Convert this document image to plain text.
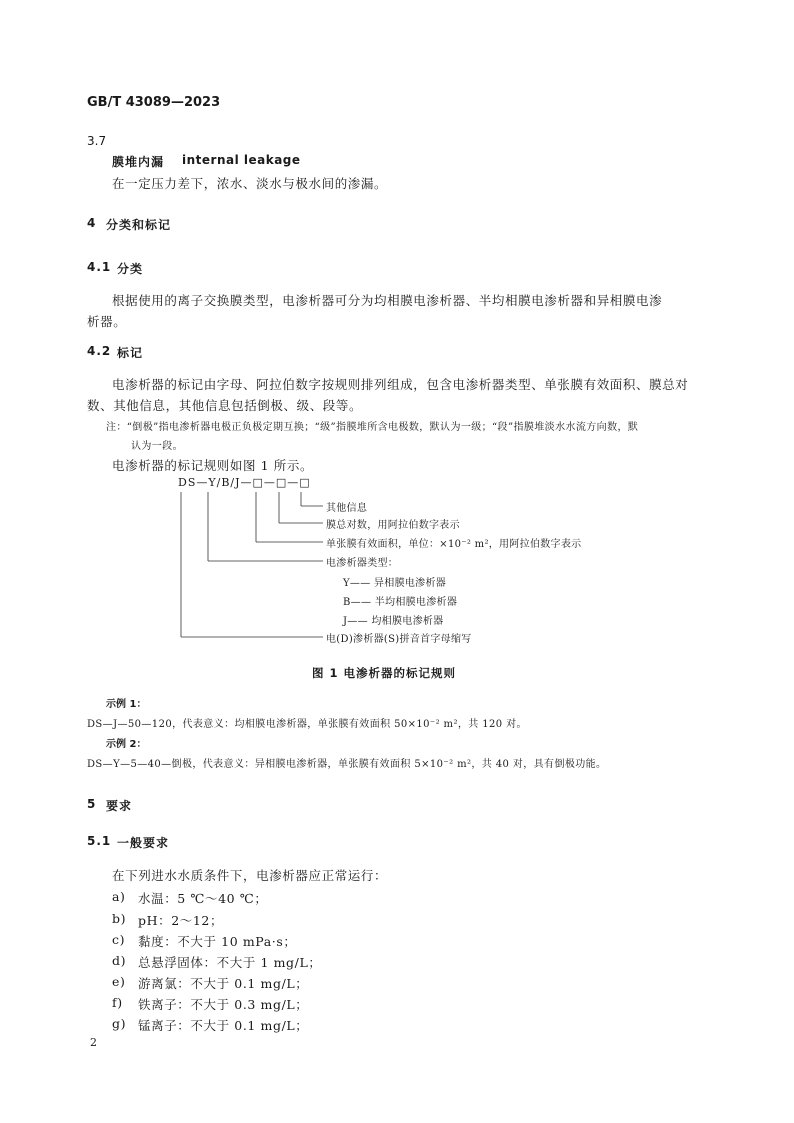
GB/T 43089—2023
3.7
膜堆内漏 internal leakage
在一定压力差下，浓水、淡水与极水间的渗漏。
4 分类和标记
4.1 分类
根据使用的离子交换膜类型，电渗析器可分为均相膜电渗析器、半均相膜电渗析器和异相膜电渗
析器。
4.2 标记
电渗析器的标记由字母、阿拉伯数字按规则排列组成，包含电渗析器类型、单张膜有效面积、膜总对
数、其他信息，其他信息包括倒极、级、段等。
注：“倒极”指电渗析器电极正负极定期互换；“级”指膜堆所含电极数，默认为一级；“段”指膜堆淡水水流方向数，默
认为一段。
电渗析器的标记规则如图 1 所示。
DS—Y/B/J—□—□—□
其他信息
膜总对数，用阿拉伯数字表示
单张膜有效面积，单位：×10⁻² m²，用阿拉伯数字表示
电渗析器类型：
Y—— 异相膜电渗析器
B—— 半均相膜电渗析器
J—— 均相膜电渗析器
电(D)渗析器(S)拼音首字母缩写
图 1 电渗析器的标记规则
示例 1：
DS—J—50—120，代表意义：均相膜电渗析器，单张膜有效面积 50×10⁻² m²，共 120 对。
示例 2：
DS—Y—5—40—倒极，代表意义：异相膜电渗析器，单张膜有效面积 5×10⁻² m²，共 40 对，具有倒极功能。
5 要求
5.1 一般要求
在下列进水水质条件下，电渗析器应正常运行：
a) 水温：5 ℃～40 ℃；
b) pH：2～12；
c) 黏度：不大于 10 mPa·s；
d) 总悬浮固体：不大于 1 mg/L；
e) 游离氯：不大于 0.1 mg/L；
f) 铁离子：不大于 0.3 mg/L；
g) 锰离子：不大于 0.1 mg/L；
2
